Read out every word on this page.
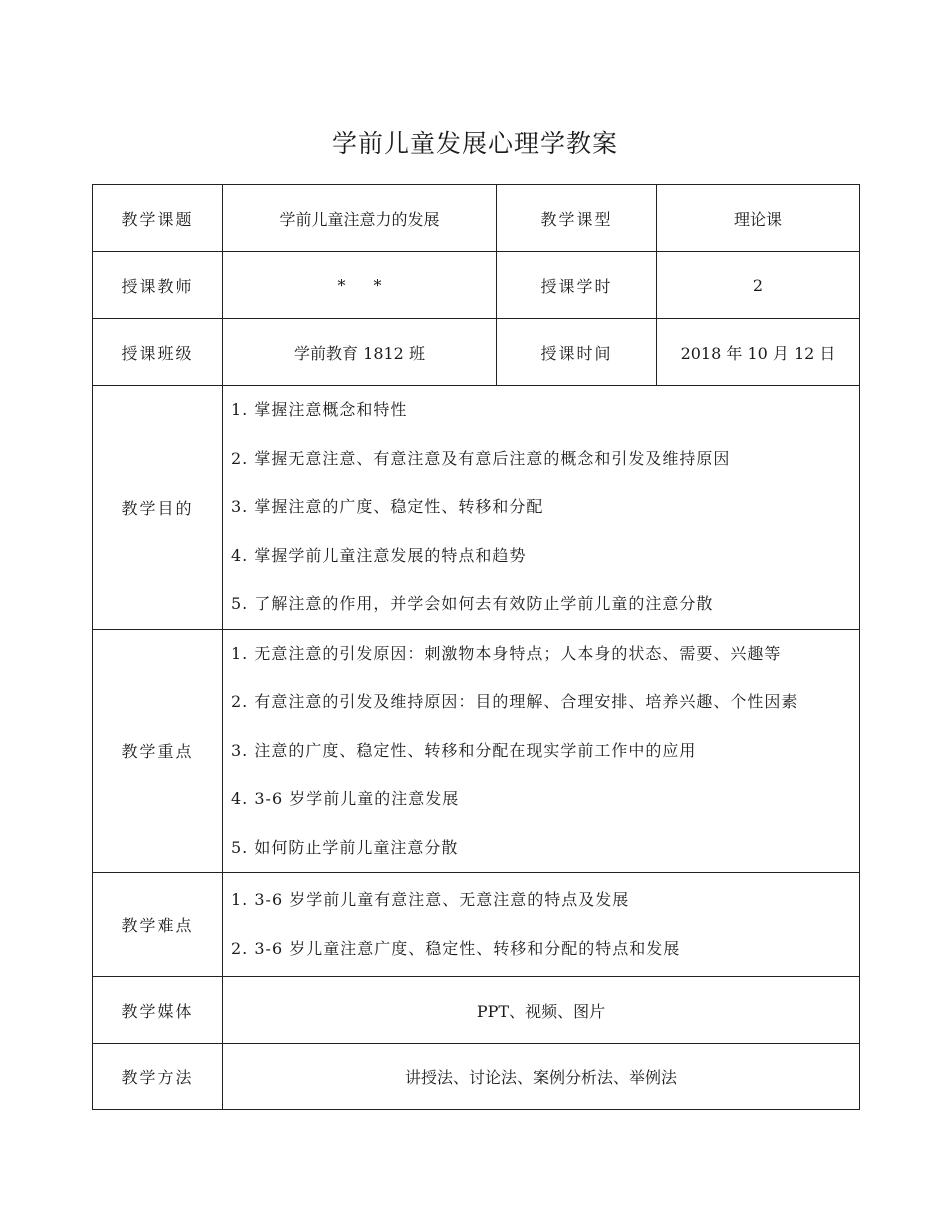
学前儿童发展心理学教案
教学课题	学前儿童注意力的发展	教学课型	理论课
授课教师	* *	授课学时	2
授课班级	学前教育 1812 班	授课时间	2018 年 10 月 12 日
教学目的	1. 掌握注意概念和特性
2. 掌握无意注意、有意注意及有意后注意的概念和引发及维持原因
3. 掌握注意的广度、稳定性、转移和分配
4. 掌握学前儿童注意发展的特点和趋势
5. 了解注意的作用，并学会如何去有效防止学前儿童的注意分散		

教学重点	1. 无意注意的引发原因：刺激物本身特点；人本身的状态、需要、兴趣等
2. 有意注意的引发及维持原因：目的理解、合理安排、培养兴趣、个性因素
3. 注意的广度、稳定性、转移和分配在现实学前工作中的应用
4. 3-6 岁学前儿童的注意发展
5. 如何防止学前儿童注意分散		

教学难点	1. 3-6 岁学前儿童有意注意、无意注意的特点及发展
2. 3-6 岁儿童注意广度、稳定性、转移和分配的特点和发展		

教学媒体	PPT、视频、图片		
教学方法	讲授法、讨论法、案例分析法、举例法		
